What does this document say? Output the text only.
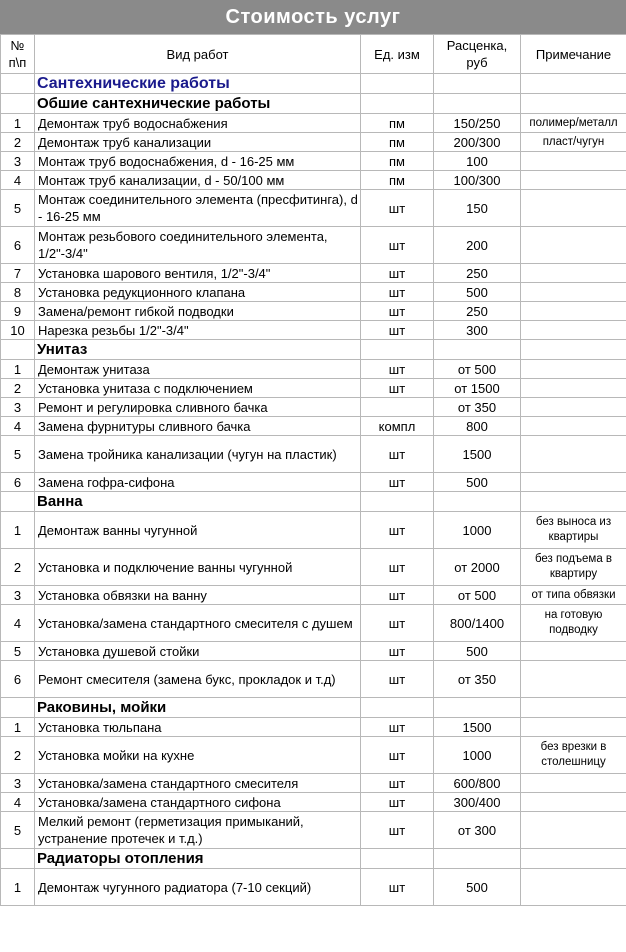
Стоимость услуг
№ п\п	Вид работ	Ед. изм	Расценка, руб	Примечание
	Сантехнические работы			
	Обшие сантехнические работы			
1	Демонтаж труб водоснабжения	пм	150/250	полимер/металл
2	Демонтаж труб канализации	пм	200/300	пласт/чугун
3	Монтаж труб водоснабжения, d - 16-25 мм	пм	100	
4	Монтаж труб канализации, d - 50/100 мм	пм	100/300	
5	Монтаж соединительного элемента (пресфитинга), d - 16-25 мм	шт	150	
6	Монтаж резьбового соединительного элемента, 1/2"-3/4"	шт	200	
7	Установка шарового вентиля, 1/2"-3/4"	шт	250	
8	Установка редукционного клапана	шт	500	
9	Замена/ремонт гибкой подводки	шт	250	
10	Нарезка резьбы 1/2"-3/4"	шт	300	
	Унитаз			
1	Демонтаж унитаза	шт	от 500	
2	Установка унитаза с подключением	шт	от 1500	
3	Ремонт и регулировка сливного бачка		от 350	
4	Замена фурнитуры сливного бачка	компл	800	
5	Замена тройника канализации (чугун на пластик)	шт	1500	
6	Замена гофра-сифона	шт	500	
	Ванна			
1	Демонтаж ванны чугунной	шт	1000	без выноса из квартиры
2	Установка и подключение ванны чугунной	шт	от 2000	без подъема в квартиру
3	Установка обвязки на ванну	шт	от 500	от типа обвязки
4	Установка/замена стандартного смесителя с душем	шт	800/1400	на готовую подводку
5	Установка душевой стойки	шт	500	
6	Ремонт смесителя (замена букс, прокладок и т.д)	шт	от 350	
	Раковины, мойки			
1	Установка тюльпана	шт	1500	
2	Установка мойки на кухне	шт	1000	без врезки в столешницу
3	Установка/замена стандартного смесителя	шт	600/800	
4	Установка/замена стандартного сифона	шт	300/400	
5	Мелкий ремонт (герметизация примыканий, устранение протечек и т.д.)	шт	от 300	
	Радиаторы отопления			
1	Демонтаж чугунного радиатора (7-10 секций)	шт	500	
